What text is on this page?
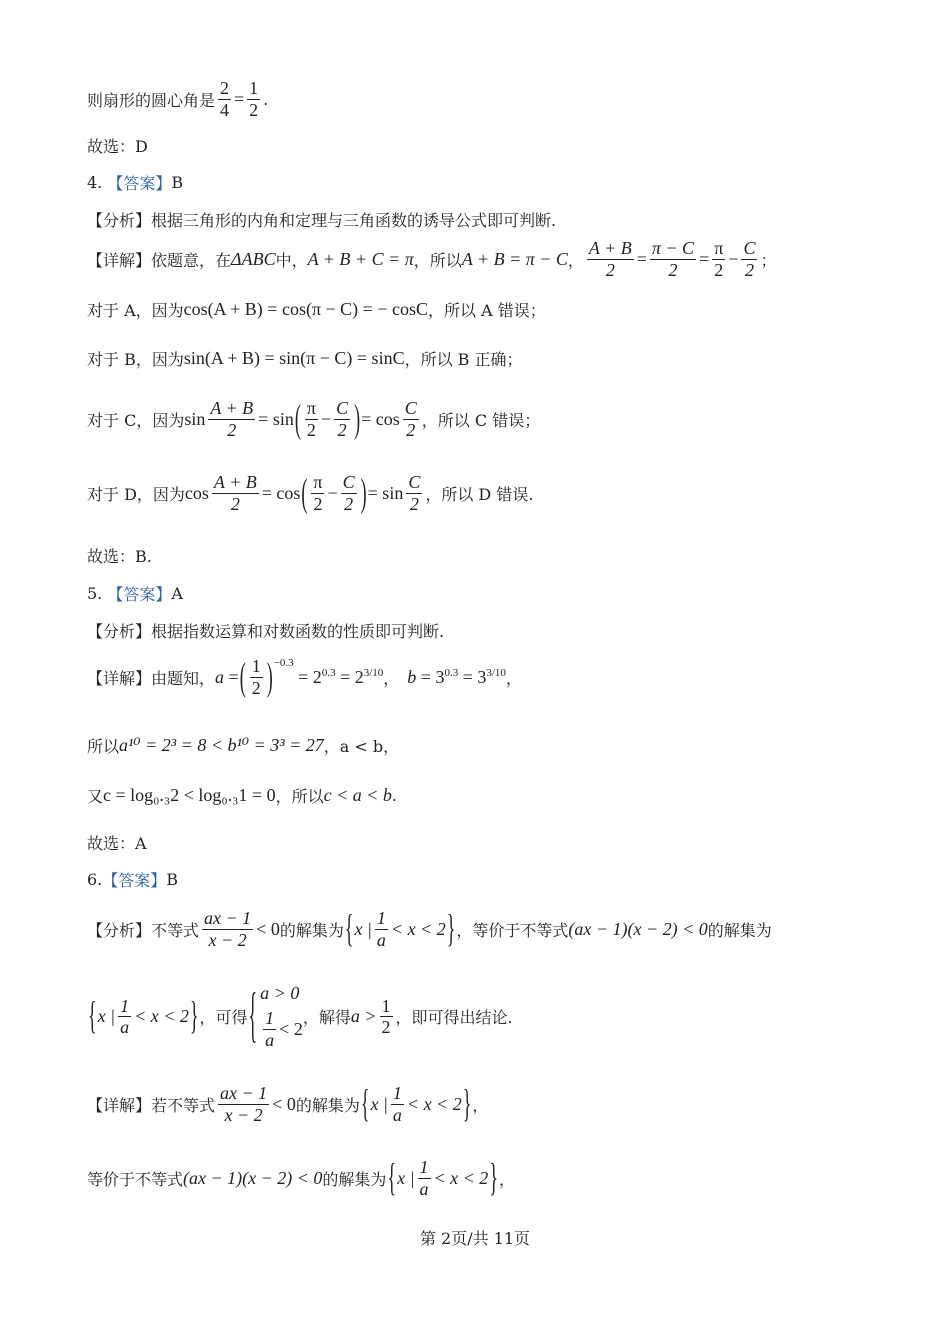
则扇形的圆心角是 $\frac{2}{4} = \frac{1}{2}$ .
故选：D
4.
【答案】 B
【分析】 根据三角形的内角和定理与三角函数的诱导公式即可判断.
【详解】 依题意，在 ΔABC 中， A + B + C = π ，所以 A + B = π − C ， $\frac{A + B}{2} = \frac{\pi - C}{2} = \frac{\pi}{2} - \frac{C}{2}$ ；
对于 A，因为 cos(A + B) = cos(π − C) = − cosC ，所以 A 错误；
对于 B，因为 sin(A + B) = sin(π − C) = sinC ，所以 B 正确；
对于 C，因为 $\sin \frac{A + B}{2} = \sin$ ( $\frac{\pi}{2} - \frac{C}{2}$ ) = $\cos \frac{C}{2}$ ，所以 C 错误；
对于 D，因为 $\cos \frac{A + B}{2} = \cos$ ( $\frac{\pi}{2} - \frac{C}{2}$ ) = $\sin \frac{C}{2}$ ，所以 D 错误.
故选：B.
5.
【答案】 A
【分析】 根据指数运算和对数函数的性质即可判断.
【详解】 由题知， a = ( $\frac{1}{2} )^{-0.3}$
= $2^{0.3} = 2^{3/10}$ ， $b = 3^{0.3} = 3^{3/10}$ ，
所以 a¹⁰ = 2³ = 8 < b¹⁰ = 3³ = 27 ，a < b，
又 c = log₀.₃2 < log₀.₃1 = 0 ，所以 c < a < b .
故选：A
6. 【答案】 B
【分析】 不等式 $\frac{ax - 1}{x - 2} < 0$ 的解集为 { x | $\frac{1}{a} < x < 2$ } ，等价于不等式 (ax − 1)(x − 2) < 0 的解集为
{ x | $\frac{1}{a} < x < 2$ } ，可得 { a > 0
$\frac{1}{a} < 2$
，解得 $a > \frac{1}{2}$ ，即可得出结论.
【详解】 若不等式 $\frac{ax - 1}{x - 2} < 0$ 的解集为 { x | $\frac{1}{a} < x < 2$ } ，
等价于不等式 (ax − 1)(x − 2) < 0 的解集为 { x | $\frac{1}{a} < x < 2$ } ，
第 2页/共 11页
